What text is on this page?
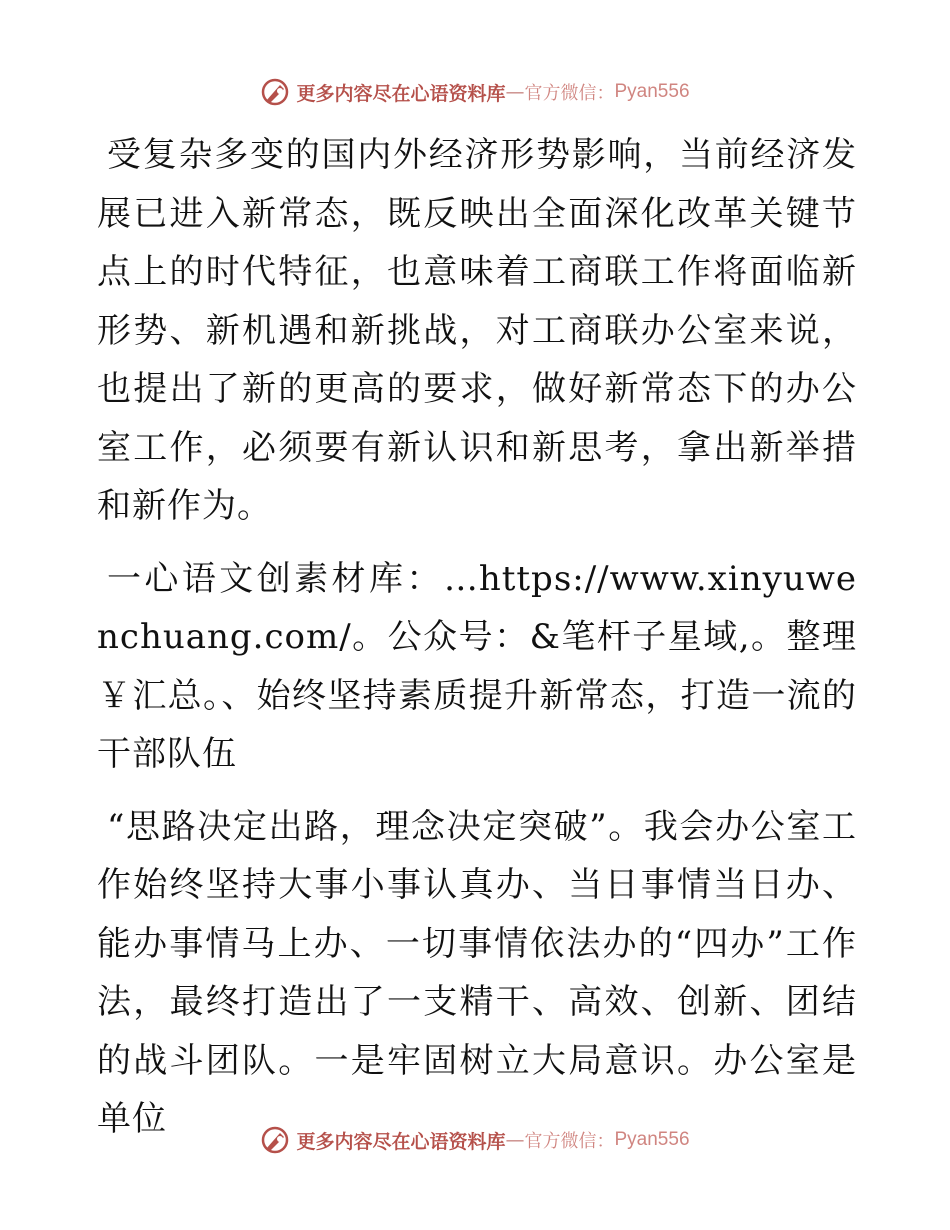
更多内容尽在心语资料库 — 官方微信： Pyan556

受复杂多变的国内外经济形势影响，当前经济发展已进入新常态，既反映出全面深化改革关键节点上的时代特征，也意味着工商联工作将面临新形势、新机遇和新挑战，对工商联办公室来说，也提出了新的更高的要求，做好新常态下的办公室工作，必须要有新认识和新思考，拿出新举措和新作为。

一心语文创素材库：…https://www.xinyuwenchuang.com/。公众号：&笔杆子星域,。整理￥汇总。、始终坚持素质提升新常态，打造一流的干部队伍

“思路决定出路，理念决定突破”。我会办公室工作始终坚持大事小事认真办、当日事情当日办、能办事情马上办、一切事情依法办的“四办”工作法，最终打造出了一支精干、高效、创新、团结的战斗团队。一是牢固树立大局意识。办公室是单位

更多内容尽在心语资料库 — 官方微信： Pyan556
